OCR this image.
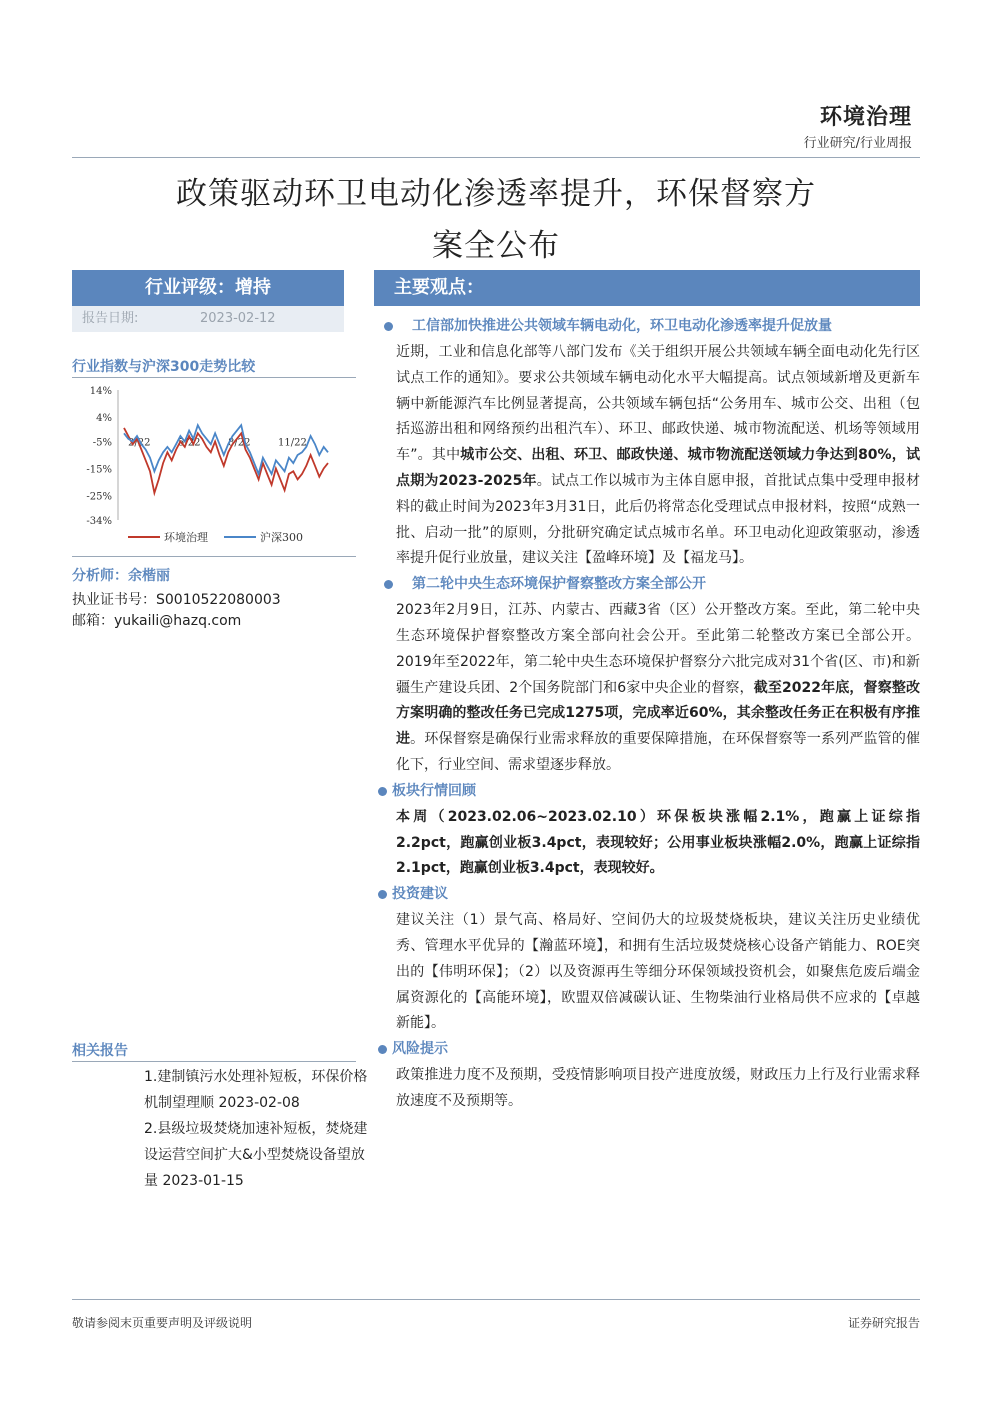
环境治理
行业研究/行业周报
政策驱动环卫电动化渗透率提升，环保督察方
案全公布
行业评级：增持
报告日期:	2023-02-12
行业指数与沪深300走势比较
14%
4%
-5%
-15%
-25%
-34%
2/22	5/22	8/22	11/22
环境治理	沪深300
分析师：余楷丽
执业证书号：S0010522080003
邮箱：yukaili@hazq.com
相关报告
1.建制镇污水处理补短板，环保价格
机制望理顺 2023-02-08
2.县级垃圾焚烧加速补短板，焚烧建
设运营空间扩大&小型焚烧设备望放
量 2023-01-15
主要观点：
工信部加快推进公共领域车辆电动化，环卫电动化渗透率提升促放量
近期，工业和信息化部等八部门发布《关于组织开展公共领域车辆全面电动化先行区试点工作的通知》。要求公共领域车辆电动化水平大幅提高。试点领域新增及更新车辆中新能源汽车比例显著提高，公共领域车辆包括“公务用车、城市公交、出租（包括巡游出租和网络预约出租汽车）、环卫、邮政快递、城市物流配送、机场等领域用车”。其中城市公交、出租、环卫、邮政快递、城市物流配送领域力争达到80%，试点期为2023-2025年。试点工作以城市为主体自愿申报，首批试点集中受理申报材料的截止时间为2023年3月31日，此后仍将常态化受理试点申报材料，按照“成熟一批、启动一批”的原则，分批研究确定试点城市名单。环卫电动化迎政策驱动，渗透率提升促行业放量，建议关注【盈峰环境】及【福龙马】。
第二轮中央生态环境保护督察整改方案全部公开
2023年2月9日，江苏、内蒙古、西藏3省（区）公开整改方案。至此，第二轮中央生态环境保护督察整改方案全部向社会公开。至此第二轮整改方案已全部公开。2019年至2022年，第二轮中央生态环境保护督察分六批完成对31个省(区、市)和新疆生产建设兵团、2个国务院部门和6家中央企业的督察，截至2022年底，督察整改方案明确的整改任务已完成1275项，完成率近60%，其余整改任务正在积极有序推进。环保督察是确保行业需求释放的重要保障措施，在环保督察等一系列严监管的催化下，行业空间、需求望逐步释放。
板块行情回顾
本周（2023.02.06~2023.02.10）环保板块涨幅2.1%，跑赢上证综指2.2pct，跑赢创业板3.4pct，表现较好；公用事业板块涨幅2.0%，跑赢上证综指2.1pct，跑赢创业板3.4pct，表现较好。
投资建议
建议关注（1）景气高、格局好、空间仍大的垃圾焚烧板块，建议关注历史业绩优秀、管理水平优异的【瀚蓝环境】，和拥有生活垃圾焚烧核心设备产销能力、ROE突出的【伟明环保】；（2）以及资源再生等细分环保领域投资机会，如聚焦危废后端金属资源化的【高能环境】，欧盟双倍减碳认证、生物柴油行业格局供不应求的【卓越新能】。
风险提示
政策推进力度不及预期，受疫情影响项目投产进度放缓，财政压力上行及行业需求释放速度不及预期等。
敬请参阅末页重要声明及评级说明	证券研究报告
